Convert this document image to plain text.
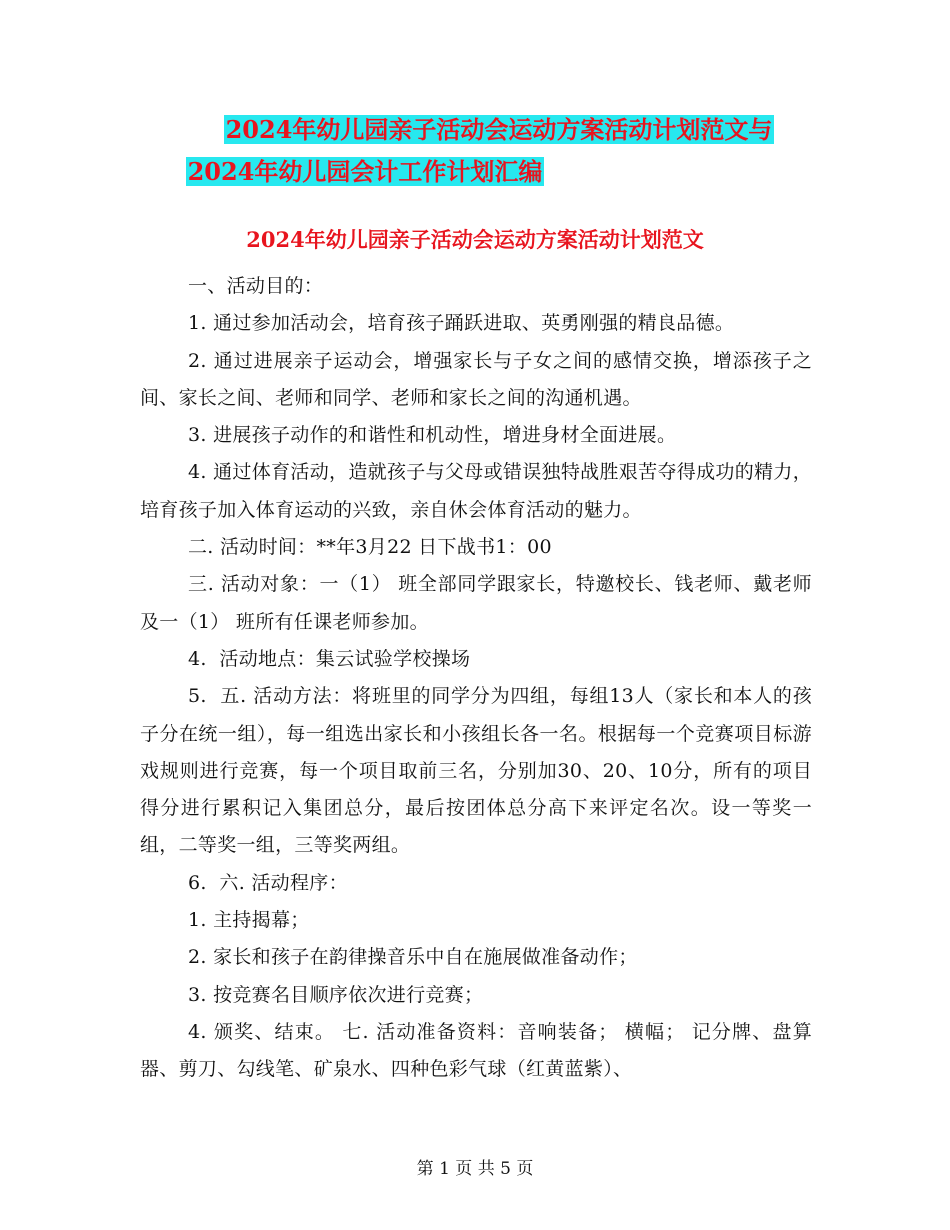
2024年幼儿园亲子活动会运动方案活动计划范文与
2024年幼儿园会计工作计划汇编
2024年幼儿园亲子活动会运动方案活动计划范文

一、活动目的：

1. 通过参加活动会，培育孩子踊跃进取、英勇刚强的精良品德。

2. 通过进展亲子运动会，增强家长与子女之间的感情交换，增添孩子之间、家长之间、老师和同学、老师和家长之间的沟通机遇。

3. 进展孩子动作的和谐性和机动性，增进身材全面进展。

4. 通过体育活动，造就孩子与父母或错误独特战胜艰苦夺得成功的精力，培育孩子加入体育运动的兴致，亲自休会体育活动的魅力。

二. 活动时间：**年3月22 日下战书1：00

三. 活动对象：一（1） 班全部同学跟家长，特邀校长、钱老师、戴老师及一（1） 班所有任课老师参加。

4.  活动地点：集云试验学校操场

5.  五. 活动方法：将班里的同学分为四组，每组13人（家长和本人的孩子分在统一组），每一组选出家长和小孩组长各一名。根据每一个竞赛项目标游戏规则进行竞赛，每一个项目取前三名，分别加30、20、10分，所有的项目得分进行累积记入集团总分，最后按团体总分高下来评定名次。设一等奖一组，二等奖一组，三等奖两组。

6.  六. 活动程序：

1. 主持揭幕；

2. 家长和孩子在韵律操音乐中自在施展做准备动作；

3. 按竞赛名目顺序依次进行竞赛；

4. 颁奖、结束。 七. 活动准备资料：音响装备； 横幅； 记分牌、盘算器、剪刀、勾线笔、矿泉水、四种色彩气球（红黄蓝紫）、

第 1 页 共 5 页
